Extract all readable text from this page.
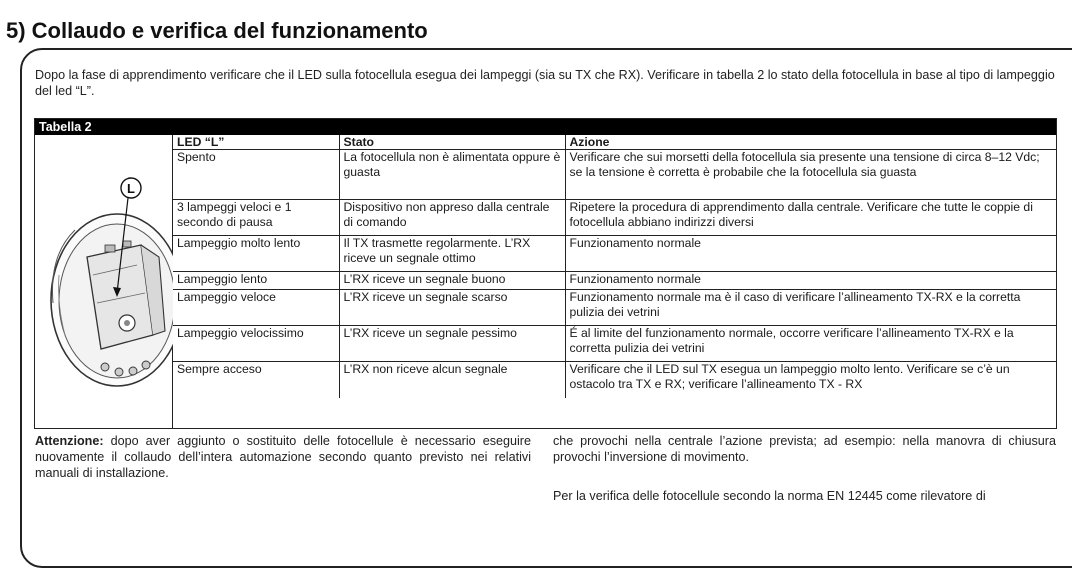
5) Collaudo e verifica del funzionamento

Dopo la fase di apprendimento verificare che il LED sulla fotocellula esegua dei lampeggi (sia su TX che RX). Verificare in tabella 2 lo stato della fotocellula in base al tipo di lampeggio del led “L”.

Tabella 2
L
LED “L”	Stato	Azione
Spento	La fotocellula non è alimentata oppure è guasta	Verificare che sui morsetti della fotocellula sia presente una tensione di circa 8–12 Vdc; se la tensione è corretta è probabile che la fotocellula sia guasta
3 lampeggi veloci e 1 secondo di pausa	Dispositivo non appreso dalla centrale di comando	Ripetere la procedura di apprendimento dalla centrale. Verificare che tutte le coppie di fotocellula abbiano indirizzi diversi
Lampeggio molto lento	Il TX trasmette regolarmente. L’RX riceve un segnale ottimo	Funzionamento normale
Lampeggio lento	L’RX riceve un segnale buono	Funzionamento normale
Lampeggio veloce	L’RX riceve un segnale scarso	Funzionamento normale ma è il caso di verificare l’allineamento TX-RX e la corretta pulizia dei vetrini
Lampeggio velocissimo	L’RX riceve un segnale pessimo	É al limite del funzionamento normale, occorre verificare l’allineamento TX-RX e la corretta pulizia dei vetrini
Sempre acceso	L’RX non riceve alcun segnale	Verificare che il LED sul TX esegua un lampeggio molto lento. Verificare se c’è un ostacolo tra TX e RX; verificare l’allineamento TX - RX

Attenzione: dopo aver aggiunto o sostituito delle fotocellule è necessario eseguire nuovamente il collaudo dell’intera automazione secondo quanto previsto nei relativi manuali di installazione.

che provochi nella centrale l’azione prevista; ad esempio: nella manovra di chiusura provochi l’inversione di movimento.

Per la verifica delle fotocellule secondo la norma EN 12445 come rilevatore di
